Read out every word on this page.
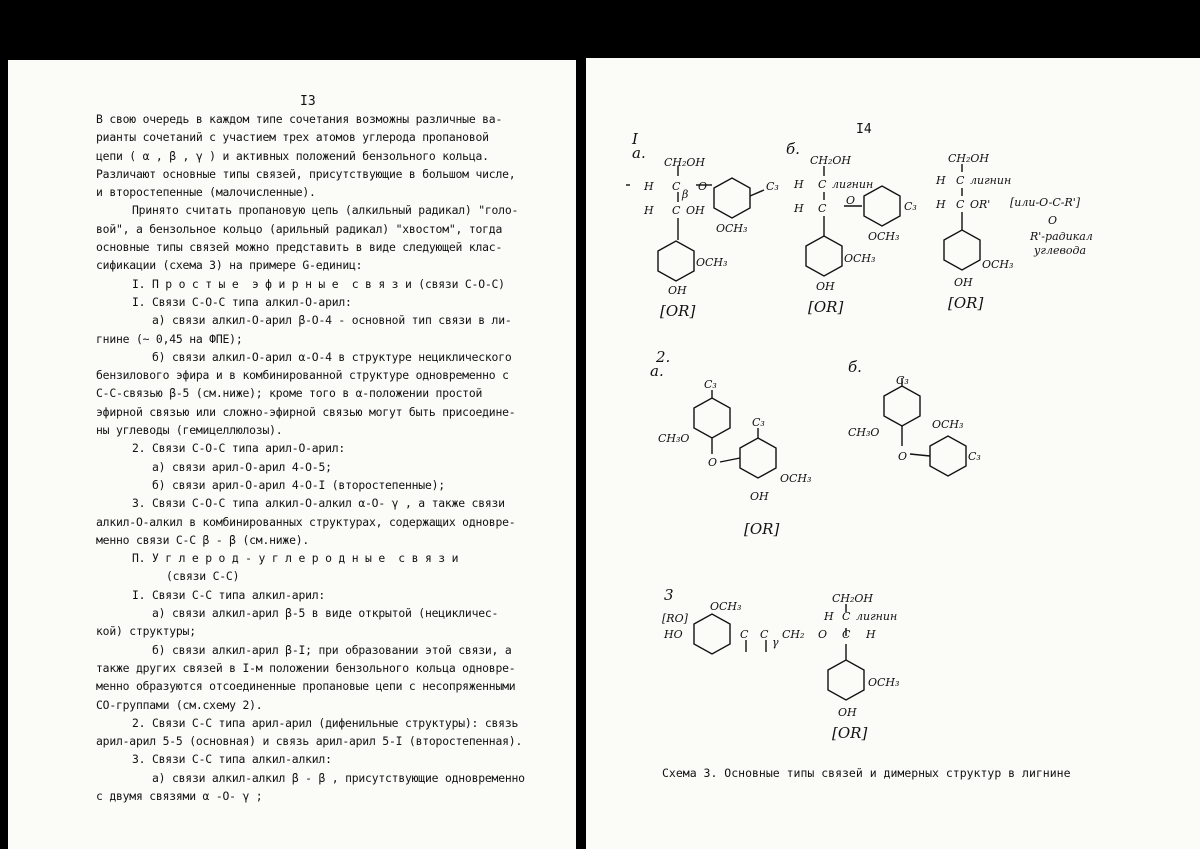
I3
В свою очередь в каждом типе сочетания возможны различные ва-
рианты сочетаний с участием трех атомов углерода пропановой
цепи ( α , β , γ ) и активных положений бензольного кольца.
Различают основные типы связей, присутствующие в большом числе,
и второстепенные (малочисленные).
Принято считать пропановую цепь (алкильный радикал) "голо-
вой", а бензольное кольцо (арильный радикал) "хвостом", тогда
основные типы связей можно представить в виде следующей клас-
сификации (схема 3) на примере G-единиц:
I. П р о с т ы е  э ф и р н ы е  с в я з и (связи С-О-С)
I. Связи С-О-С типа алкил-О-арил:
а) связи алкил-О-арил β-О-4 - основной тип связи в ли-
гнине (~ 0,45 на ФПЕ);
б) связи алкил-О-арил α-О-4 в структуре нециклического
бензилового эфира и в комбинированной структуре одновременно с
С-С-связью β-5 (см.ниже); кроме того в α-положении простой
эфирной связью или сложно-эфирной связью могут быть присоедине-
ны углеводы (гемицеллюлозы).
2. Связи С-О-С типа арил-О-арил:
а) связи арил-О-арил 4-О-5;
б) связи арил-О-арил 4-О-I (второстепенные);
3. Связи С-О-С типа алкил-О-алкил α-О- γ , а также связи
алкил-О-алкил в комбинированных структурах, содержащих одновре-
менно связи С-С β - β (см.ниже).
П. У г л е р о д - у г л е р о д н ы е  с в я з и
(связи С-С)
I. Связи С-С типа алкил-арил:
а) связи алкил-арил β-5 в виде открытой (нецикличес-
кой) структуры;
б) связи алкил-арил β-I; при образовании этой связи, а
также других связей в I-м положении бензольного кольца одновре-
менно образуются отсоединенные пропановые цепи с несопряженными
СО-группами (см.схему 2).
2. Связи С-С типа арил-арил (дифенильные структуры): связь
арил-арил 5-5 (основная) и связь арил-арил 5-I (второстепенная).
3. Связи С-С типа алкил-алкил:
а) связи алкил-алкил β - β , присутствующие одновременно
с двумя связями α -О- γ ;
I4
I
а.
CH₂OH
H C O
β
H C OH
C₃
OCH₃
OCH₃
OH
[OR]
б.
CH₂OH
H C лигнин
H C
O	C₃
OCH₃
OCH₃
OH
[OR]
CH₂OH
H C лигнин
H C OR' [или-O-C-R']
O
R'-радикал
углевода
OCH₃
OH
[OR]
2.
а.
C₃
CH₃O
O
C₃
OCH₃
OH
[OR]
б.
C₃
CH₃O
OCH₃
O	C₃
3
[RO]
HO
OCH₃
C C
γ
CH₂ O C H
CH₂OH
H C лигнин
OCH₃
OH
[OR]
Схема 3. Основные типы связей и димерных структур в лигнине
